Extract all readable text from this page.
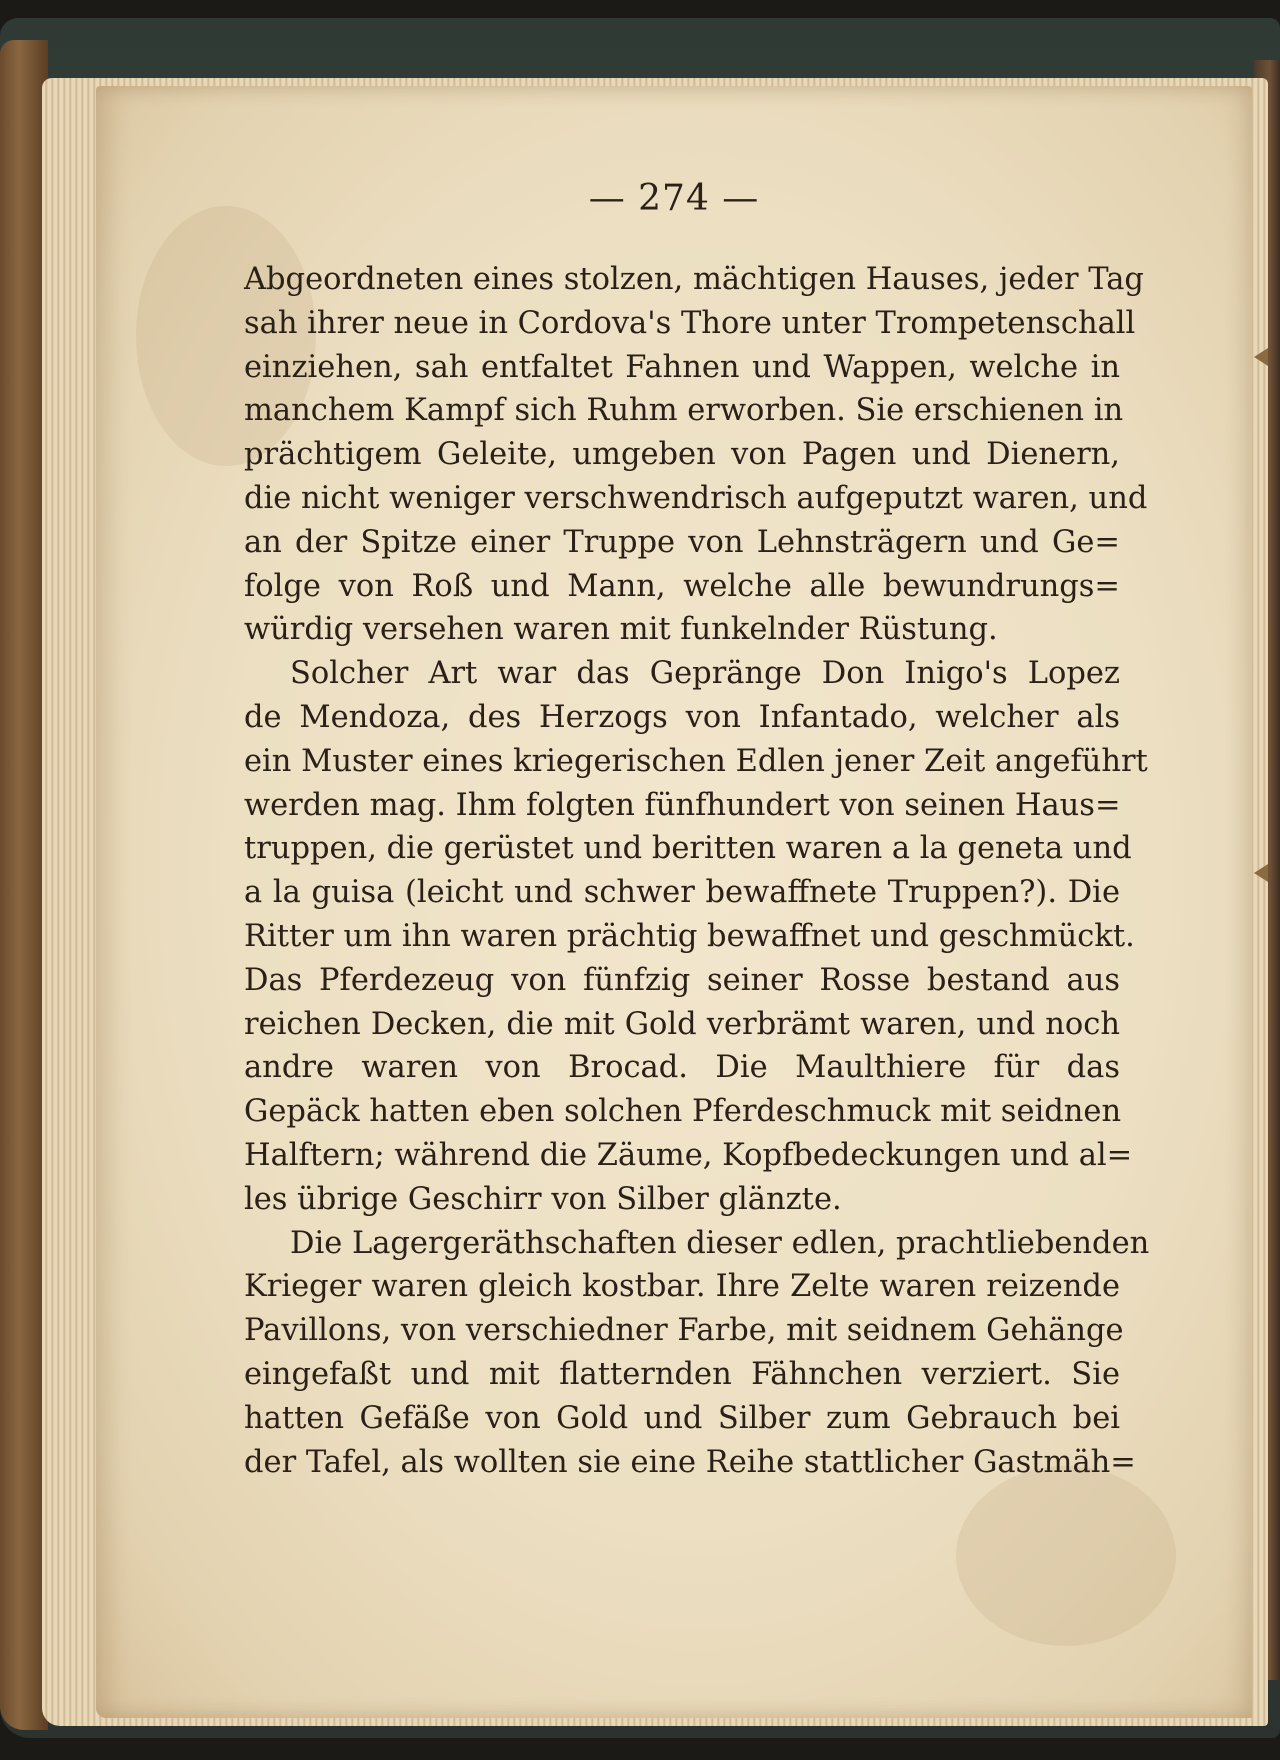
— 274 —
Abgeordneten eines stolzen, mächtigen Hauses, jeder Tag
sah ihrer neue in Cordova's Thore unter Trompetenschall
einziehen, sah entfaltet Fahnen und Wappen, welche in
manchem Kampf sich Ruhm erworben. Sie erschienen in
prächtigem Geleite, umgeben von Pagen und Dienern,
die nicht weniger verschwendrisch aufgeputzt waren, und
an der Spitze einer Truppe von Lehnsträgern und Ge=
folge von Roß und Mann, welche alle bewundrungs=
würdig versehen waren mit funkelnder Rüstung.
Solcher Art war das Gepränge Don Inigo's Lopez
de Mendoza, des Herzogs von Infantado, welcher als
ein Muster eines kriegerischen Edlen jener Zeit angeführt
werden mag. Ihm folgten fünfhundert von seinen Haus=
truppen, die gerüstet und beritten waren a la geneta und
a la guisa (leicht und schwer bewaffnete Truppen?). Die
Ritter um ihn waren prächtig bewaffnet und geschmückt.
Das Pferdezeug von fünfzig seiner Rosse bestand aus
reichen Decken, die mit Gold verbrämt waren, und noch
andre waren von Brocad. Die Maulthiere für das
Gepäck hatten eben solchen Pferdeschmuck mit seidnen
Halftern; während die Zäume, Kopfbedeckungen und al=
les übrige Geschirr von Silber glänzte.
Die Lagergeräthschaften dieser edlen, prachtliebenden
Krieger waren gleich kostbar. Ihre Zelte waren reizende
Pavillons, von verschiedner Farbe, mit seidnem Gehänge
eingefaßt und mit flatternden Fähnchen verziert. Sie
hatten Gefäße von Gold und Silber zum Gebrauch bei
der Tafel, als wollten sie eine Reihe stattlicher Gastmäh=
